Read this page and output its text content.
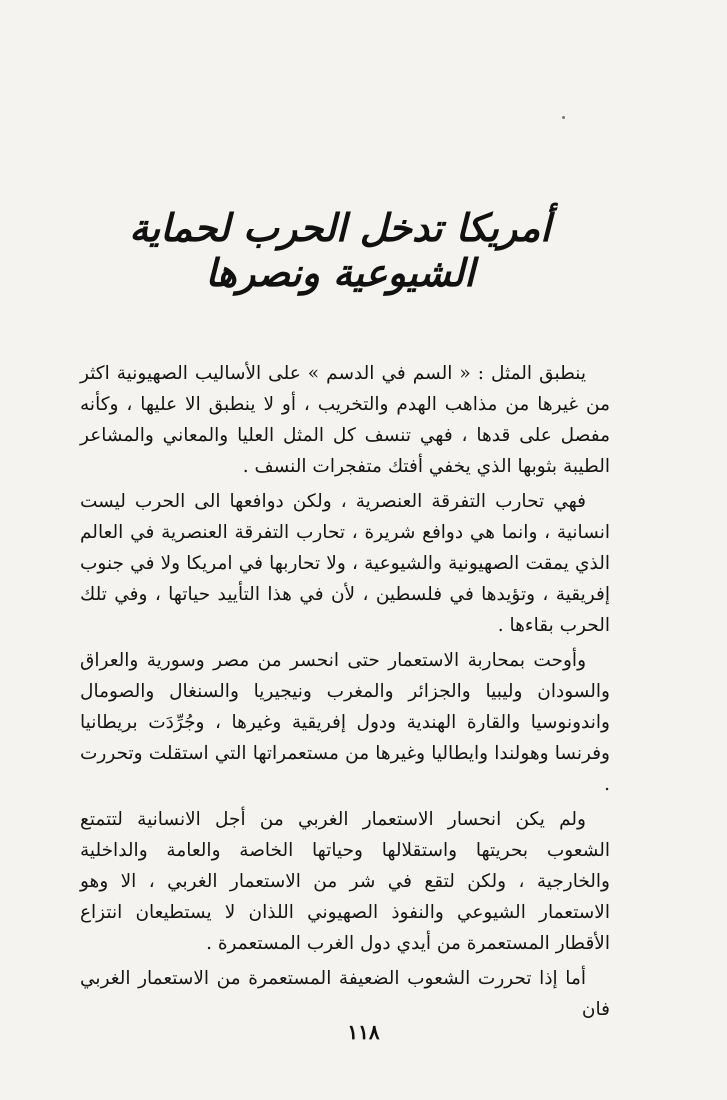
أمريكا تدخل الحرب لحماية الشيوعية ونصرها

ينطبق المثل : « السم في الدسم » على الأساليب الصهيونية اكثر من غيرها من مذاهب الهدم والتخريب ، أو لا ينطبق الا عليها ، وكأنه مفصل على قدها ، فهي تنسف كل المثل العليا والمعاني والمشاعر الطيبة بثوبها الذي يخفي أفتك متفجرات النسف .

فهي تحارب التفرقة العنصرية ، ولكن دوافعها الى الحرب ليست انسانية ، وانما هي دوافع شريرة ، تحارب التفرقة العنصرية في العالم الذي يمقت الصهيونية والشيوعية ، ولا تحاربها في امريكا ولا في جنوب إفريقية ، وتؤيدها في فلسطين ، لأن في هذا التأييد حياتها ، وفي تلك الحرب بقاءها .

وأوحت بمحاربة الاستعمار حتى انحسر من مصر وسورية والعراق والسودان وليبيا والجزائر والمغرب ونيجيريا والسنغال والصومال واندونوسيا والقارة الهندية ودول إفريقية وغيرها ، وجُرِّدَت بريطانيا وفرنسا وهولندا وايطاليا وغيرها من مستعمراتها التي استقلت وتحررت .

ولم يكن انحسار الاستعمار الغربي من أجل الانسانية لتتمتع الشعوب بحريتها واستقلالها وحياتها الخاصة والعامة والداخلية والخارجية ، ولكن لتقع في شر من الاستعمار الغربي ، الا وهو الاستعمار الشيوعي والنفوذ الصهيوني اللذان لا يستطيعان انتزاع الأقطار المستعمرة من أيدي دول الغرب المستعمرة .

أما إذا تحررت الشعوب الضعيفة المستعمرة من الاستعمار الغربي فان

١١٨
